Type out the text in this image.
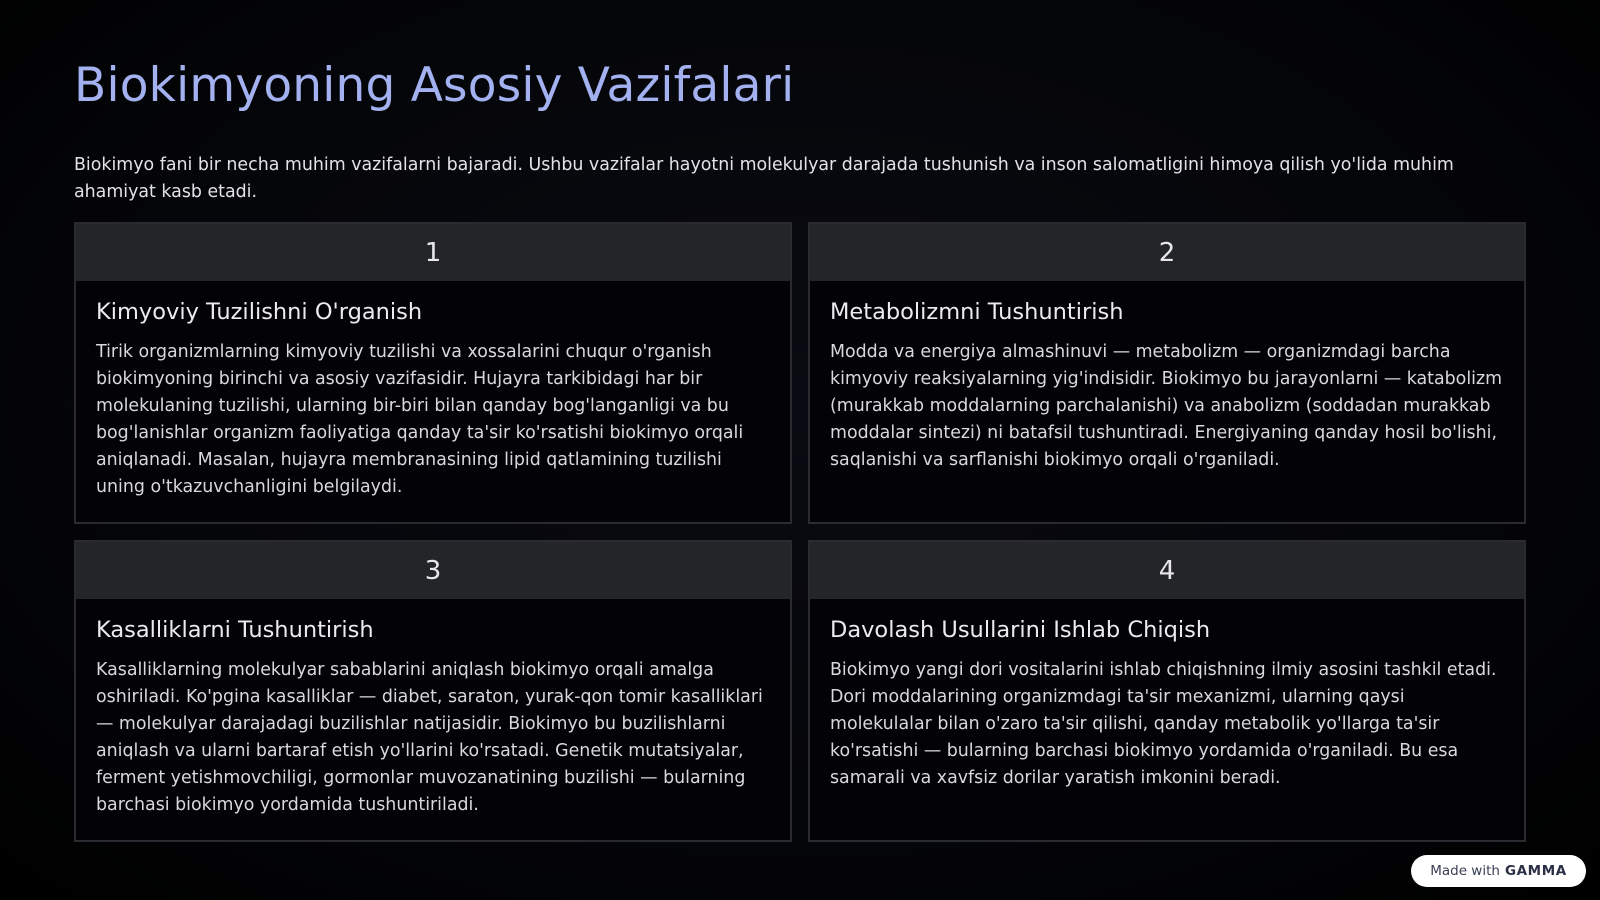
Biokimyoning Asosiy Vazifalari

Biokimyo fani bir necha muhim vazifalarni bajaradi. Ushbu vazifalar hayotni molekulyar darajada tushunish va inson salomatligini himoya qilish yo'lida muhim ahamiyat kasb etadi.

1
Kimyoviy Tuzilishni O'rganish
Tirik organizmlarning kimyoviy tuzilishi va xossalarini chuqur o'rganish biokimyoning birinchi va asosiy vazifasidir. Hujayra tarkibidagi har bir molekulaning tuzilishi, ularning bir-biri bilan qanday bog'langanligi va bu bog'lanishlar organizm faoliyatiga qanday ta'sir ko'rsatishi biokimyo orqali aniqlanadi. Masalan, hujayra membranasining lipid qatlamining tuzilishi uning o'tkazuvchanligini belgilaydi.
2
Metabolizmni Tushuntirish
Modda va energiya almashinuvi — metabolizm — organizmdagi barcha kimyoviy reaksiyalarning yig'indisidir. Biokimyo bu jarayonlarni — katabolizm (murakkab moddalarning parchalanishi) va anabolizm (soddadan murakkab moddalar sintezi) ni batafsil tushuntiradi. Energiyaning qanday hosil bo'lishi, saqlanishi va sarflanishi biokimyo orqali o'rganiladi.
3
Kasalliklarni Tushuntirish
Kasalliklarning molekulyar sabablarini aniqlash biokimyo orqali amalga oshiriladi. Ko'pgina kasalliklar — diabet, saraton, yurak-qon tomir kasalliklari — molekulyar darajadagi buzilishlar natijasidir. Biokimyo bu buzilishlarni aniqlash va ularni bartaraf etish yo'llarini ko'rsatadi. Genetik mutatsiyalar, ferment yetishmovchiligi, gormonlar muvozanatining buzilishi — bularning barchasi biokimyo yordamida tushuntiriladi.
4
Davolash Usullarini Ishlab Chiqish
Biokimyo yangi dori vositalarini ishlab chiqishning ilmiy asosini tashkil etadi. Dori moddalarining organizmdagi ta'sir mexanizmi, ularning qaysi molekulalar bilan o'zaro ta'sir qilishi, qanday metabolik yo'llarga ta'sir ko'rsatishi — bularning barchasi biokimyo yordamida o'rganiladi. Bu esa samarali va xavfsiz dorilar yaratish imkonini beradi.
Made with GAMMA
